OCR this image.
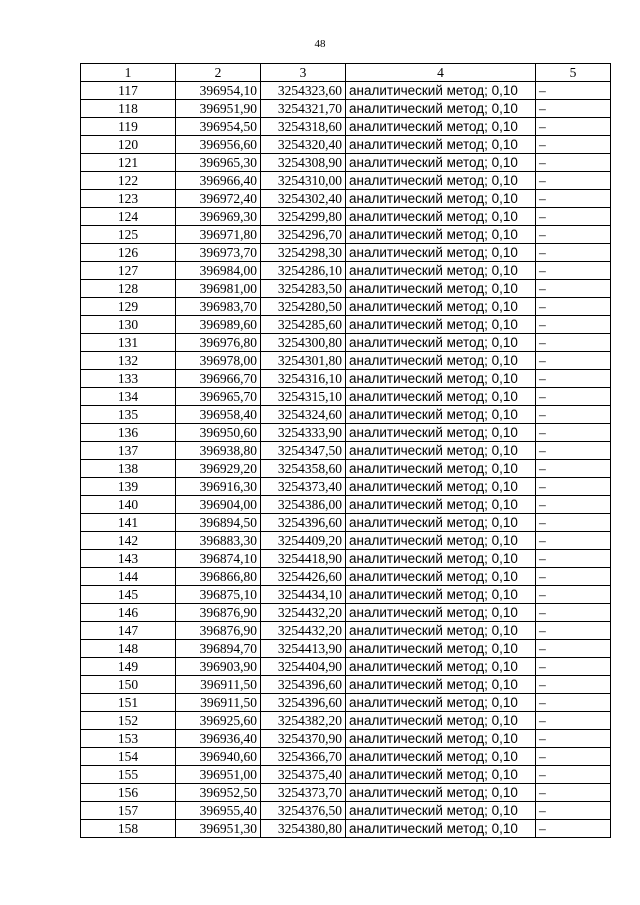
48
1	2	3	4	5
117	396954,10	3254323,60	аналитический метод; 0,10	–
118	396951,90	3254321,70	аналитический метод; 0,10	–
119	396954,50	3254318,60	аналитический метод; 0,10	–
120	396956,60	3254320,40	аналитический метод; 0,10	–
121	396965,30	3254308,90	аналитический метод; 0,10	–
122	396966,40	3254310,00	аналитический метод; 0,10	–
123	396972,40	3254302,40	аналитический метод; 0,10	–
124	396969,30	3254299,80	аналитический метод; 0,10	–
125	396971,80	3254296,70	аналитический метод; 0,10	–
126	396973,70	3254298,30	аналитический метод; 0,10	–
127	396984,00	3254286,10	аналитический метод; 0,10	–
128	396981,00	3254283,50	аналитический метод; 0,10	–
129	396983,70	3254280,50	аналитический метод; 0,10	–
130	396989,60	3254285,60	аналитический метод; 0,10	–
131	396976,80	3254300,80	аналитический метод; 0,10	–
132	396978,00	3254301,80	аналитический метод; 0,10	–
133	396966,70	3254316,10	аналитический метод; 0,10	–
134	396965,70	3254315,10	аналитический метод; 0,10	–
135	396958,40	3254324,60	аналитический метод; 0,10	–
136	396950,60	3254333,90	аналитический метод; 0,10	–
137	396938,80	3254347,50	аналитический метод; 0,10	–
138	396929,20	3254358,60	аналитический метод; 0,10	–
139	396916,30	3254373,40	аналитический метод; 0,10	–
140	396904,00	3254386,00	аналитический метод; 0,10	–
141	396894,50	3254396,60	аналитический метод; 0,10	–
142	396883,30	3254409,20	аналитический метод; 0,10	–
143	396874,10	3254418,90	аналитический метод; 0,10	–
144	396866,80	3254426,60	аналитический метод; 0,10	–
145	396875,10	3254434,10	аналитический метод; 0,10	–
146	396876,90	3254432,20	аналитический метод; 0,10	–
147	396876,90	3254432,20	аналитический метод; 0,10	–
148	396894,70	3254413,90	аналитический метод; 0,10	–
149	396903,90	3254404,90	аналитический метод; 0,10	–
150	396911,50	3254396,60	аналитический метод; 0,10	–
151	396911,50	3254396,60	аналитический метод; 0,10	–
152	396925,60	3254382,20	аналитический метод; 0,10	–
153	396936,40	3254370,90	аналитический метод; 0,10	–
154	396940,60	3254366,70	аналитический метод; 0,10	–
155	396951,00	3254375,40	аналитический метод; 0,10	–
156	396952,50	3254373,70	аналитический метод; 0,10	–
157	396955,40	3254376,50	аналитический метод; 0,10	–
158	396951,30	3254380,80	аналитический метод; 0,10	–
